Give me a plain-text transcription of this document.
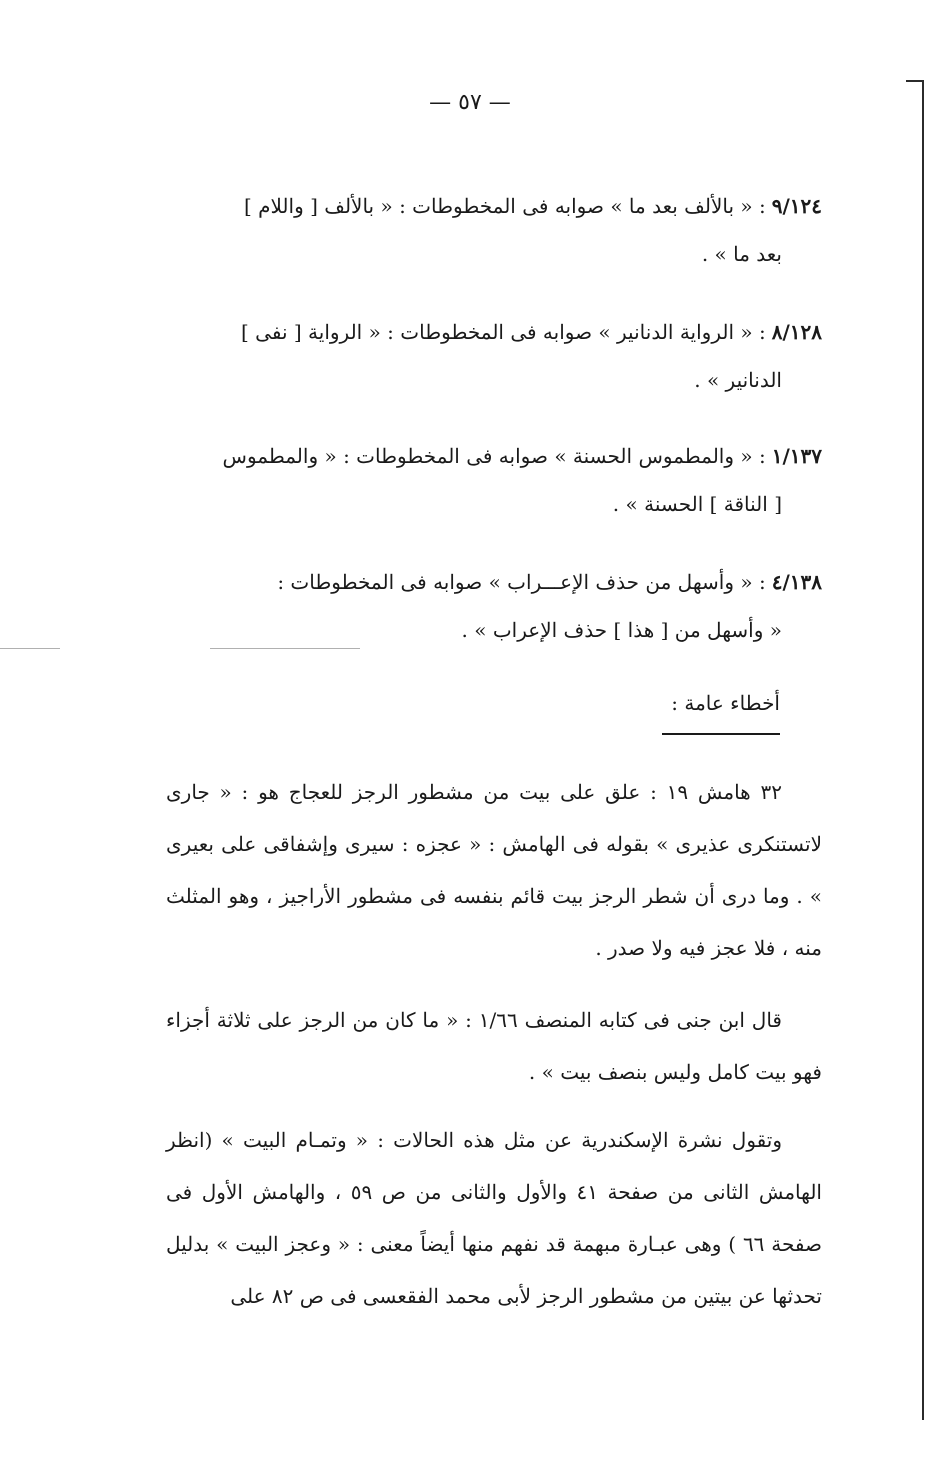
— ٥٧ —
٩/١٢٤: « بالألف بعد ما » صوابه فى المخطوطات : « بالألف [ واللام ]
بعد ما » .
٨/١٢٨: « الرواية الدنانير » صوابه فى المخطوطات : « الرواية [ نفى ]
الدنانير » .
١/١٣٧: « والمطموس الحسنة » صوابه فى المخطوطات : « والمطموس
[ الناقة ] الحسنة » .
٤/١٣٨: « وأسهل من حذف الإعـــراب » صوابه فى المخطوطات :
« وأسهل من [ هذا ] حذف الإعراب » .
أخطاء عامة :
٣٢ هامش ١٩ : علق على بيت من مشطور الرجز للعجاج هو : « جارى لاتستنكرى عذيرى » بقوله فى الهامش : « عجزه : سيرى وإشفاقى على بعيرى » . وما درى أن شطر الرجز بيت قائم بنفسه فى مشطور الأراجيز ، وهو المثلث منه ، فلا عجز فيه ولا صدر .
قال ابن جنى فى كتابه المنصف ١/٦٦ : « ما كان من الرجز على ثلاثة أجزاء فهو بيت كامل وليس بنصف بيت » .
وتقول نشرة الإسكندرية عن مثل هذه الحالات : « وتمـام البيت » (انظر الهامش الثانى من صفحة ٤١ والأول والثانى من ص ٥٩ ، والهامش الأول فى صفحة ٦٦ ) وهى عبـارة مبهمة قد نفهم منها أيضاً معنى : « وعجز البيت » بدليل تحدثها عن بيتين من مشطور الرجز لأبى محمد الفقعسى فى ص ٨٢ على
